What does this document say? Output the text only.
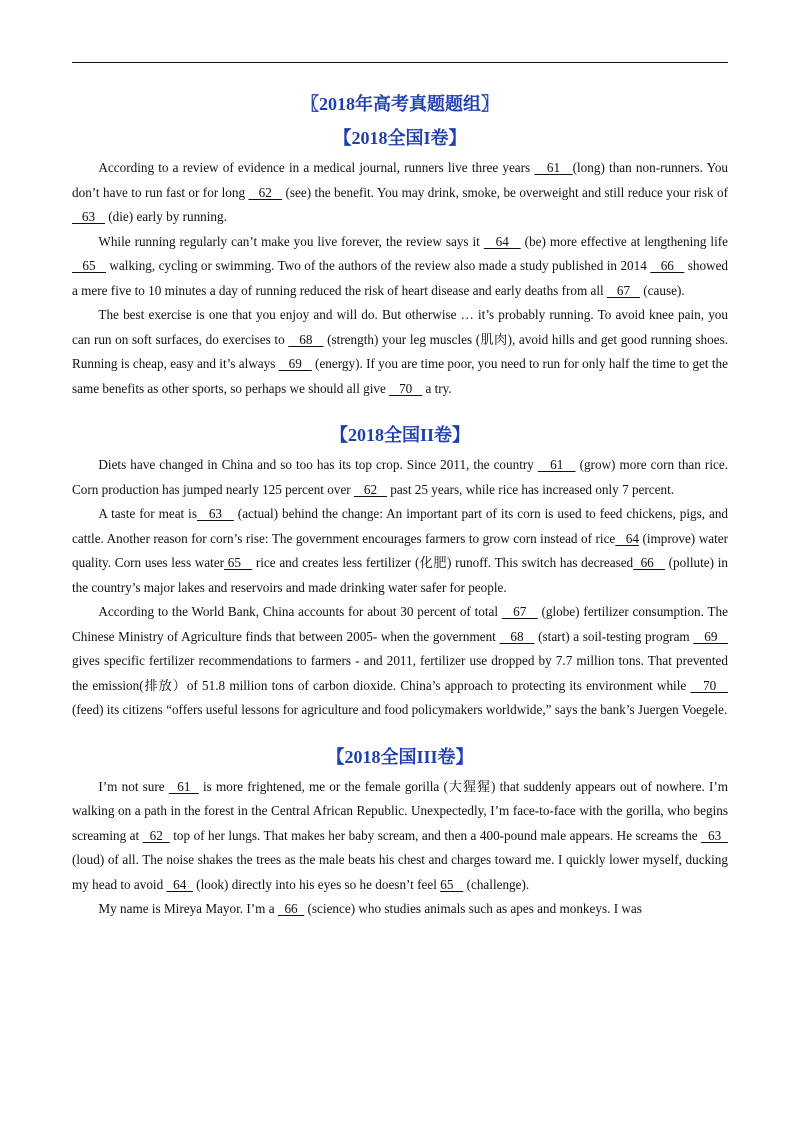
〖2018年高考真题题组〗
【2018全国I卷】

According to a review of evidence in a medical journal, runners live three years    61   (long) than non-runners. You don’t have to run fast or for long    62    (see) the benefit. You may drink, smoke, be overweight and still reduce your risk of    63    (die) early by running.

While running regularly can’t make you live forever, the review says it    64    (be) more effective at lengthening life    65    walking, cycling or swimming. Two of the authors of the review also made a study published in 2014    66    showed a mere five to 10 minutes a day of running reduced the risk of heart disease and early deaths from all    67    (cause).

The best exercise is one that you enjoy and will do. But otherwise … it’s probably running. To avoid knee pain, you can run on soft surfaces, do exercises to    68    (strength) your leg muscles (肌肉), avoid hills and get good running shoes. Running is cheap, easy and it’s always    69    (energy). If you are time poor, you need to run for only half the time to get the same benefits as other sports, so perhaps we should all give    70    a try.

【2018全国II卷】

Diets have changed in China and so too has its top crop. Since 2011, the country    61    (grow) more corn than rice. Corn production has jumped nearly 125 percent over    62    past 25 years, while rice has increased only 7 percent.

A taste for meat is   63    (actual) behind the change: An important part of its corn is used to feed chickens, pigs, and cattle. Another reason for corn’s rise: The government encourages farmers to grow corn instead of rice   64 (improve) water quality. Corn uses less water 65    rice and creates less fertilizer (化肥) runoff. This switch has decreased  66    (pollute) in the country’s major lakes and reservoirs and made drinking water safer for people.

According to the World Bank, China accounts for about 30 percent of total    67    (globe) fertilizer consumption. The Chinese Ministry of Agriculture finds that between 2005- when the government    68    (start) a soil-testing program    69    gives specific fertilizer recommendations to farmers - and 2011, fertilizer use dropped by 7.7 million tons. That prevented the emission(排放）of 51.8 million tons of carbon dioxide. China’s approach to protecting its environment while    70    (feed) its citizens “offers useful lessons for agriculture and food policymakers worldwide,” says the bank’s Juergen Voegele.

【2018全国III卷】

I’m not sure   61   is more frightened, me or the female gorilla (大猩猩) that suddenly appears out of nowhere. I’m walking on a path in the forest in the Central African Republic. Unexpectedly, I’m face-to-face with the gorilla, who begins screaming at   62   top of her lungs. That makes her baby scream, and then a 400-pound male appears. He screams the   63   (loud) of all. The noise shakes the trees as the male beats his chest and charges toward me. I quickly lower myself, ducking my head to avoid   64   (look) directly into his eyes so he doesn’t feel 65    (challenge).

My name is Mireya Mayor. I’m a   66   (science) who studies animals such as apes and monkeys. I was
